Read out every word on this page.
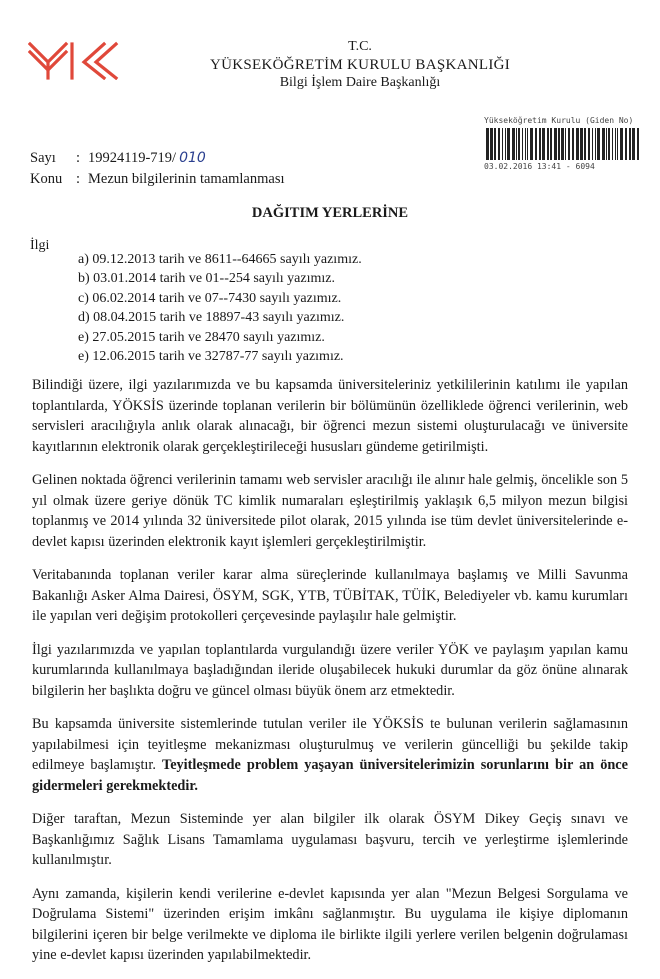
T.C.
YÜKSEKÖĞRETİM KURULU BAŞKANLIĞI
Bilgi İşlem Daire Başkanlığı
Yükseköğretim Kurulu (Giden No)
03.02.2016 13:41 - 6094
Sayı	: 19924119-719/ 010
Konu : Mezun bilgilerinin tamamlanması
DAĞITIM YERLERİNE
İlgi
a) 09.12.2013 tarih ve 8611--64665 sayılı yazımız.
b) 03.01.2014 tarih ve 01--254 sayılı yazımız.
c) 06.02.2014 tarih ve 07--7430 sayılı yazımız.
d) 08.04.2015 tarih ve 18897-43 sayılı yazımız.
e) 27.05.2015 tarih ve 28470 sayılı yazımız.
e) 12.06.2015 tarih ve 32787-77 sayılı yazımız.

Bilindiği üzere, ilgi yazılarımızda ve bu kapsamda üniversiteleriniz yetkililerinin katılımı ile yapılan toplantılarda, YÖKSİS üzerinde toplanan verilerin bir bölümünün özelliklede öğrenci verilerinin, web servisleri aracılığıyla anlık olarak alınacağı, bir öğrenci mezun sistemi oluşturulacağı ve üniversite kayıtlarının elektronik olarak gerçekleştirileceği hususları gündeme getirilmişti.

Gelinen noktada öğrenci verilerinin tamamı web servisler aracılığı ile alınır hale gelmiş, öncelikle son 5 yıl olmak üzere geriye dönük TC kimlik numaraları eşleştirilmiş yaklaşık 6,5 milyon mezun bilgisi toplanmış ve 2014 yılında 32 üniversitede pilot olarak, 2015 yılında ise tüm devlet üniversitelerinde e-devlet kapısı üzerinden elektronik kayıt işlemleri gerçekleştirilmiştir.

Veritabanında toplanan veriler karar alma süreçlerinde kullanılmaya başlamış ve Milli Savunma Bakanlığı Asker Alma Dairesi, ÖSYM, SGK, YTB, TÜBİTAK, TÜİK, Belediyeler vb. kamu kurumları ile yapılan veri değişim protokolleri çerçevesinde paylaşılır hale gelmiştir.

İlgi yazılarımızda ve yapılan toplantılarda vurgulandığı üzere veriler YÖK ve paylaşım yapılan kamu kurumlarında kullanılmaya başladığından ileride oluşabilecek hukuki durumlar da göz önüne alınarak bilgilerin her başlıkta doğru ve güncel olması büyük önem arz etmektedir.

Bu kapsamda üniversite sistemlerinde tutulan veriler ile YÖKSİS te bulunan verilerin sağlamasının yapılabilmesi için teyitleşme mekanizması oluşturulmuş ve verilerin güncelliği bu şekilde takip edilmeye başlamıştır. Teyitleşmede problem yaşayan üniversitelerimizin sorunlarını bir an önce gidermeleri gerekmektedir.

Diğer taraftan, Mezun Sisteminde yer alan bilgiler ilk olarak ÖSYM Dikey Geçiş sınavı ve Başkanlığımız Sağlık Lisans Tamamlama uygulaması başvuru, tercih ve yerleştirme işlemlerinde kullanılmıştır.

Aynı zamanda, kişilerin kendi verilerine e-devlet kapısında yer alan "Mezun Belgesi Sorgulama ve Doğrulama Sistemi" üzerinden erişim imkânı sağlanmıştır. Bu uygulama ile kişiye diplomanın bilgilerini içeren bir belge verilmekte ve diploma ile birlikte ilgili yerlere verilen belgenin doğrulaması yine e-devlet kapısı üzerinden yapılabilmektedir.
